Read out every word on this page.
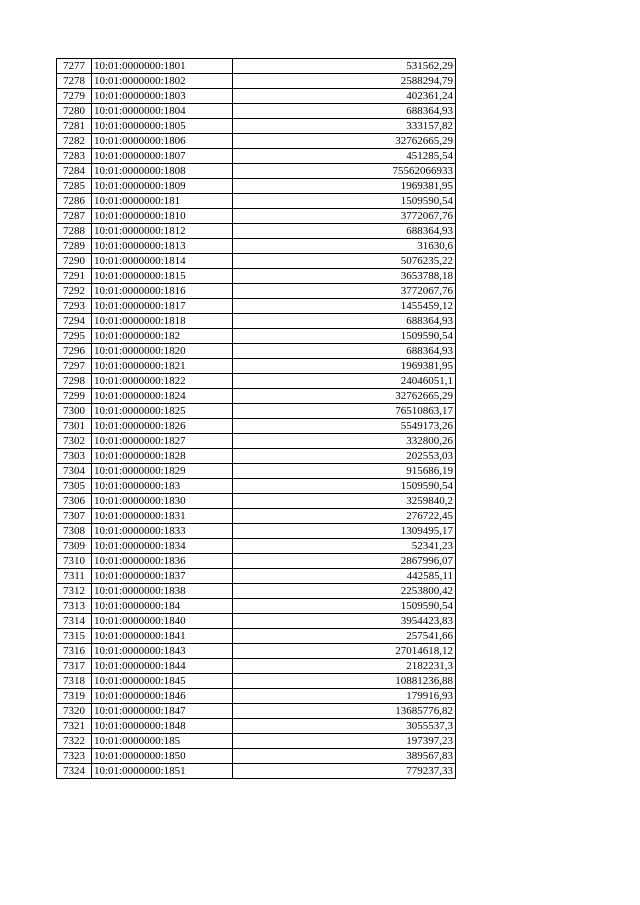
7277	10:01:0000000:1801	531562,29
7278	10:01:0000000:1802	2588294,79
7279	10:01:0000000:1803	402361,24
7280	10:01:0000000:1804	688364,93
7281	10:01:0000000:1805	333157,82
7282	10:01:0000000:1806	32762665,29
7283	10:01:0000000:1807	451285,54
7284	10:01:0000000:1808	75562066933
7285	10:01:0000000:1809	1969381,95
7286	10:01:0000000:181	1509590,54
7287	10:01:0000000:1810	3772067,76
7288	10:01:0000000:1812	688364,93
7289	10:01:0000000:1813	31630,6
7290	10:01:0000000:1814	5076235,22
7291	10:01:0000000:1815	3653788,18
7292	10:01:0000000:1816	3772067,76
7293	10:01:0000000:1817	1455459,12
7294	10:01:0000000:1818	688364,93
7295	10:01:0000000:182	1509590,54
7296	10:01:0000000:1820	688364,93
7297	10:01:0000000:1821	1969381,95
7298	10:01:0000000:1822	24046051,1
7299	10:01:0000000:1824	32762665,29
7300	10:01:0000000:1825	76510863,17
7301	10:01:0000000:1826	5549173,26
7302	10:01:0000000:1827	332800,26
7303	10:01:0000000:1828	202553,03
7304	10:01:0000000:1829	915686,19
7305	10:01:0000000:183	1509590,54
7306	10:01:0000000:1830	3259840,2
7307	10:01:0000000:1831	276722,45
7308	10:01:0000000:1833	1309495,17
7309	10:01:0000000:1834	52341,23
7310	10:01:0000000:1836	2867996,07
7311	10:01:0000000:1837	442585,11
7312	10:01:0000000:1838	2253800,42
7313	10:01:0000000:184	1509590,54
7314	10:01:0000000:1840	3954423,83
7315	10:01:0000000:1841	257541,66
7316	10:01:0000000:1843	27014618,12
7317	10:01:0000000:1844	2182231,3
7318	10:01:0000000:1845	10881236,88
7319	10:01:0000000:1846	179916,93
7320	10:01:0000000:1847	13685776,82
7321	10:01:0000000:1848	3055537,3
7322	10:01:0000000:185	197397,23
7323	10:01:0000000:1850	389567,83
7324	10:01:0000000:1851	779237,33
